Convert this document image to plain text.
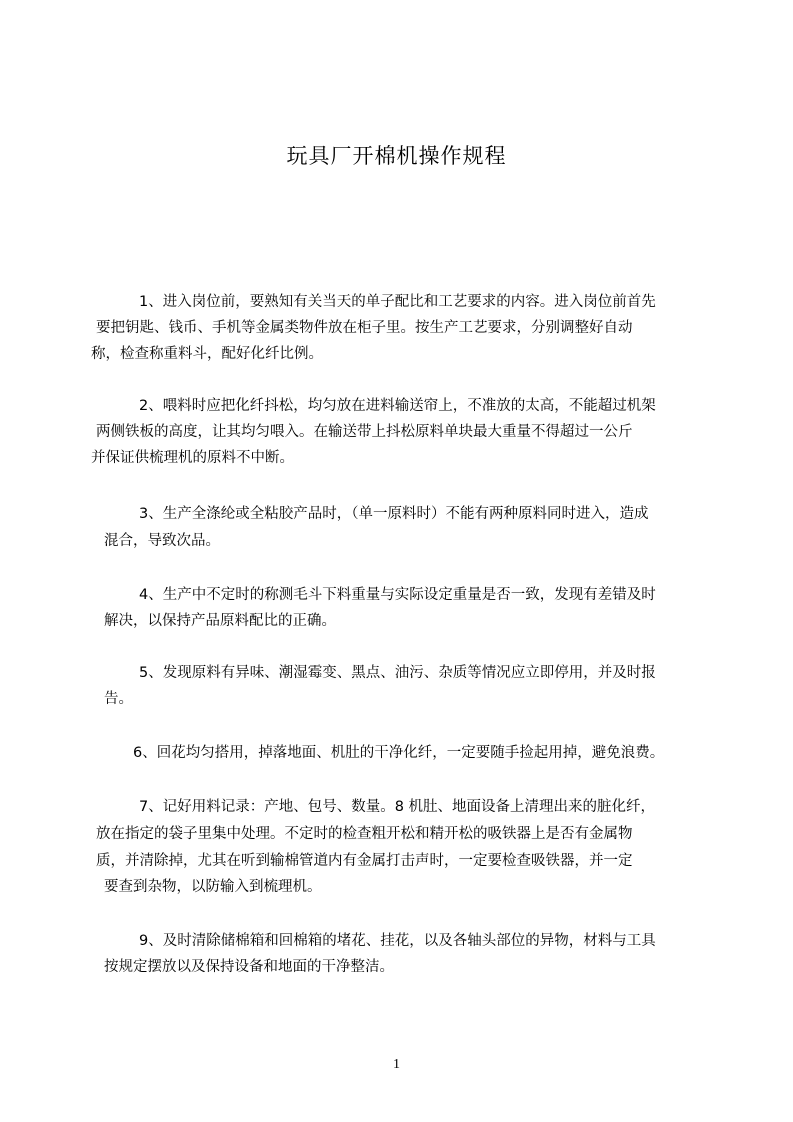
玩具厂开棉机操作规程
1、进入岗位前，要熟知有关当天的单子配比和工艺要求的内容。进入岗位前首先
要把钥匙、钱币、手机等金属类物件放在柜子里。按生产工艺要求，分别调整好自动
称，检查称重料斗，配好化纤比例。
2、喂料时应把化纤抖松，均匀放在进料输送帘上，不准放的太高，不能超过机架
两侧铁板的高度，让其均匀喂入。在输送带上抖松原料单块最大重量不得超过一公斤
并保证供梳理机的原料不中断。
3、生产全涤纶或全粘胶产品时，（单一原料时）不能有两种原料同时进入，造成
混合，导致次品。
4、生产中不定时的称测毛斗下料重量与实际设定重量是否一致，发现有差错及时
解决，以保持产品原料配比的正确。
5、发现原料有异味、潮湿霉变、黑点、油污、杂质等情况应立即停用，并及时报
告。
6、回花均匀搭用，掉落地面、机肚的干净化纤，一定要随手捡起用掉，避免浪费。
7、记好用料记录：产地、包号、数量。8 机肚、地面设备上清理出来的脏化纤，
放在指定的袋子里集中处理。不定时的检查粗开松和精开松的吸铁器上是否有金属物
质，并清除掉，尤其在听到输棉管道内有金属打击声时，一定要检查吸铁器，并一定
要查到杂物，以防输入到梳理机。
9、及时清除储棉箱和回棉箱的堵花、挂花，以及各轴头部位的异物，材料与工具
按规定摆放以及保持设备和地面的干净整洁。
1
